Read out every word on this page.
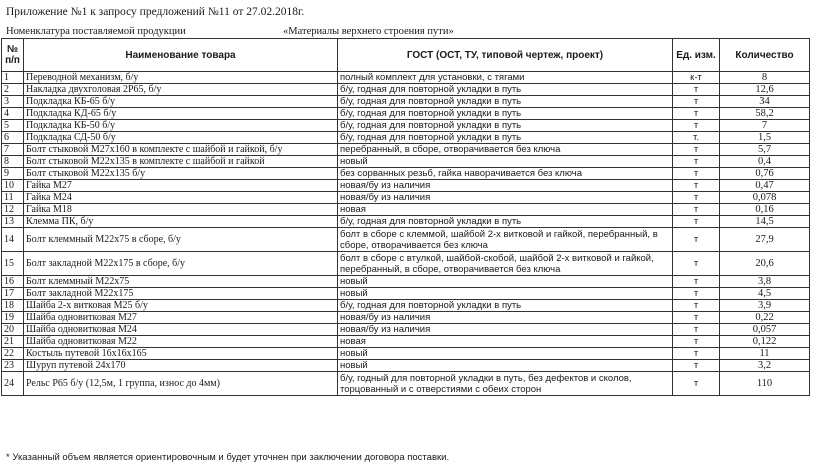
Приложение №1 к запросу предложений №11 от 27.02.2018г.
Номенклатура поставляемой продукции	«Материалы верхнего строения пути»
№ п/п	Наименование товара	ГОСТ (ОСТ, ТУ, типовой чертеж, проект)	Ед. изм.	Количество
1	Переводной механизм, б/у	полный комплект для установки, с тягами	к-т	8
2	Накладка двухголовая 2Р65, б/у	б/у, годная для повторной укладки в путь	т	12,6
3	Подкладка КБ-65 б/у	б/у, годная для повторной укладки в путь	т	34
4	Подкладка КД-65 б/у	б/у, годная для повторной укладки в путь	т	58,2
5	Подкладка КБ-50 б/у	б/у, годная для повторной укладки в путь	т	7
6	Подкладка СД-50 б/у	б/у, годная для повторной укладки в путь	т.	1,5
7	Болт стыковой М27х160 в комплекте с шайбой и гайкой, б/у	перебранный, в сборе, отворачивается без ключа	т	5,7
8	Болт стыковой М22х135 в комплекте с шайбой и гайкой	новый	т	0,4
9	Болт стыковой М22х135 б/у	без сорванных резьб, гайка наворачивается без ключа	т	0,76
10	Гайка М27	новая/бу из наличия	т	0,47
11	Гайка М24	новая/бу из наличия	т	0,078
12	Гайка М18	новая	т	0,16
13	Клемма ПК, б/у	б/у, годная для повторной укладки в путь	т	14,5
14	Болт клеммный М22х75 в сборе, б/у	болт в сборе с клеммой, шайбой 2-х витковой и гайкой, перебранный, в сборе, отворачивается без ключа	т	27,9
15	Болт закладной М22х175 в сборе, б/у	болт в сборе с втулкой, шайбой-скобой, шайбой 2-х витковой и гайкой, перебранный, в сборе, отворачивается без ключа	т	20,6
16	Болт клеммный М22х75	новый	т	3,8
17	Болт закладной М22х175	новый	т	4,5
18	Шайба 2-х витковая М25 б/у	б/у, годная для повторной укладки в путь	т	3,9
19	Шайба одновитковая М27	новая/бу из наличия	т	0,22
20	Шайба одновитковая М24	новая/бу из наличия	т	0,057
21	Шайба одновитковая М22	новая	т	0,122
22	Костыль путевой 16х16х165	новый	т	11
23	Шуруп путевой 24х170	новый	т	3,2
24	Рельс Р65 б/у (12,5м, 1 группа, износ до 4мм)	б/у, годный для повторной укладки в путь, без дефектов и сколов, торцованный и с отверстиями с обеих сторон	т	110
* Указанный объем является ориентировочным и будет уточнен при заключении договора поставки.
